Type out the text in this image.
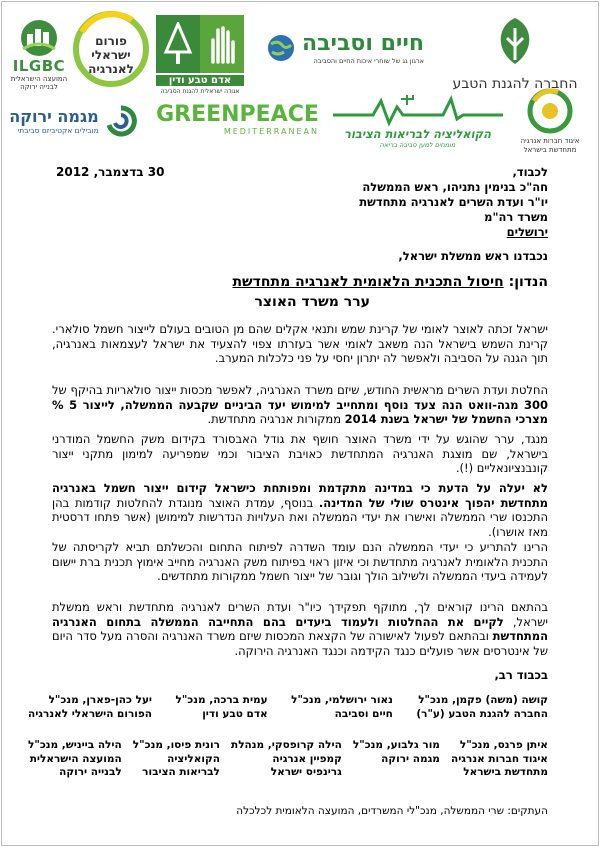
ILGBC
המועצה הישראלית
לבנייה ירוקה
פורום
ישראלי
לאנרגיה
אדם טבע ודין
אגודה ישראלית להגנת הסביבה
חיים וסביבה
ארגון גג של שוחרי איכות החיים והסביבה
החברה להגנת הטבע
מגמה ירוקה
מובילים אקטיביזם סביבתי
GREENPEACE
MEDITERRANEAN הקואליציה לבריאות הציבור
מומחים למען סביבה בריאה	איגוד חברות אנרגיה
מתחדשת בישראל
30 בדצמבר, 2012	לכבוד,
חה"כ בנימין נתניהו, ראש הממשלה
יו"ר ועדת השרים לאנרגיה מתחדשת
משרד רה"מ
ירושלים
נכבדנו ראש ממשלת ישראל,
הנדון: חיסול התכנית הלאומית לאנרגיה מתחדשת
ערר משרד האוצר
ישראל זכתה לאוצר לאומי של קרינת שמש ותנאי אקלים שהם מן הטובים בעולם לייצור חשמל סולארי. קרינת השמש בישראל הנה משאב לאומי אשר בעזרתו צפוי להצעיד את ישראל לעצמאות באנרגיה, תוך הגנה על הסביבה ולאפשר לה יתרון יחסי על פני כלכלות המערב.
החלטת ועדת השרים מראשית החודש, שיזם משרד האנרגיה, לאפשר מכסות ייצור סולאריות בהיקף של 300 מגה-וואט הנה צעד נוסף ומתחייב למימוש יעד הביניים שקבעה הממשלה, לייצור 5 % מצרכי החשמל של ישראל בשנת 2014 ממקורות אנרגיה מתחדשת.
מנגד, ערר שהוגש על ידי משרד האוצר חושף את גודל האבסורד בקידום משק החשמל המודרני בישראל, שם מוצגת האנרגיה המתחדשת כאויבת הציבור וכמי שמפריעה למימון מתקני ייצור קונבנציונאליים (!).
לא יעלה על הדעת כי במדינה מתקדמת ומפותחת כישראל קידום ייצור חשמל באנרגיה מתחדשת יהפוך אינטרס שולי של המדינה. בנוסף, עמדת האוצר מנוגדת להחלטות קודמות בהן התכנסו שרי הממשלה ואישרו את יעדי הממשלה ואת העלויות הנדרשות למימושן (אשר פתחו דרסטית מאז אושרו).
הרינו להתריע כי יעדי הממשלה הנם עומד השדרה לפיתוח התחום והכשלתם תביא לקריסתה של התכנית הלאומית לאנרגיה מתחדשת וכי איזון ראוי בפיתוח משק האנרגיה מחייב אימוץ תכנית ברת יישום לעמידה ביעדי הממשלה ולשילוב הולך וגובר של ייצור חשמל ממקורות מתחדשים.
בהתאם הרינו קוראים לך, מתוקף תפקידך כיו"ר ועדת השרים לאנרגיה מתחדשת וראש ממשלת ישראל, לקיים את ההחלטות ולעמוד ביעדים בהם התחייבה הממשלה בתחום האנרגיה המתחדשת ובהתאם לפעול לאישורה של הקצאת המכסות שיזם משרד האנרגיה והסרה מעל סדר היום של אינטרסים אשר פועלים כנגד הקידמה וכנגד האנרגיה הירוקה.
בכבוד רב,
קושה (משה) פקמן, מנכ"ל
החברה להגנת הטבע (ע"ר)
נאור ירושלמי, מנכ"ל
חיים וסביבה
עמית ברכה, מנכ"ל
אדם טבע ודין
יעל כהן-פארן, מנכ"ל
הפורום הישראלי לאנרגיה
איתן פרנס, מנכ"ל
איגוד חברות אנרגיה
מתחדשת בישראל
מור גלבוע, מנכ"ל
מגמה ירוקה
הילה קרופסקי, מנהלת
קמפיין אנרגיה
גרינפיס ישראל
רונית פיסו, מנכ"ל
הקואליציה
לבריאות הציבור
הילה בייניש, מנכ"ל
המועצה הישראלית
לבנייה ירוקה
העתקים: שרי הממשלה, מנכ"לי המשרדים, המועצה הלאומית לכלכלה
